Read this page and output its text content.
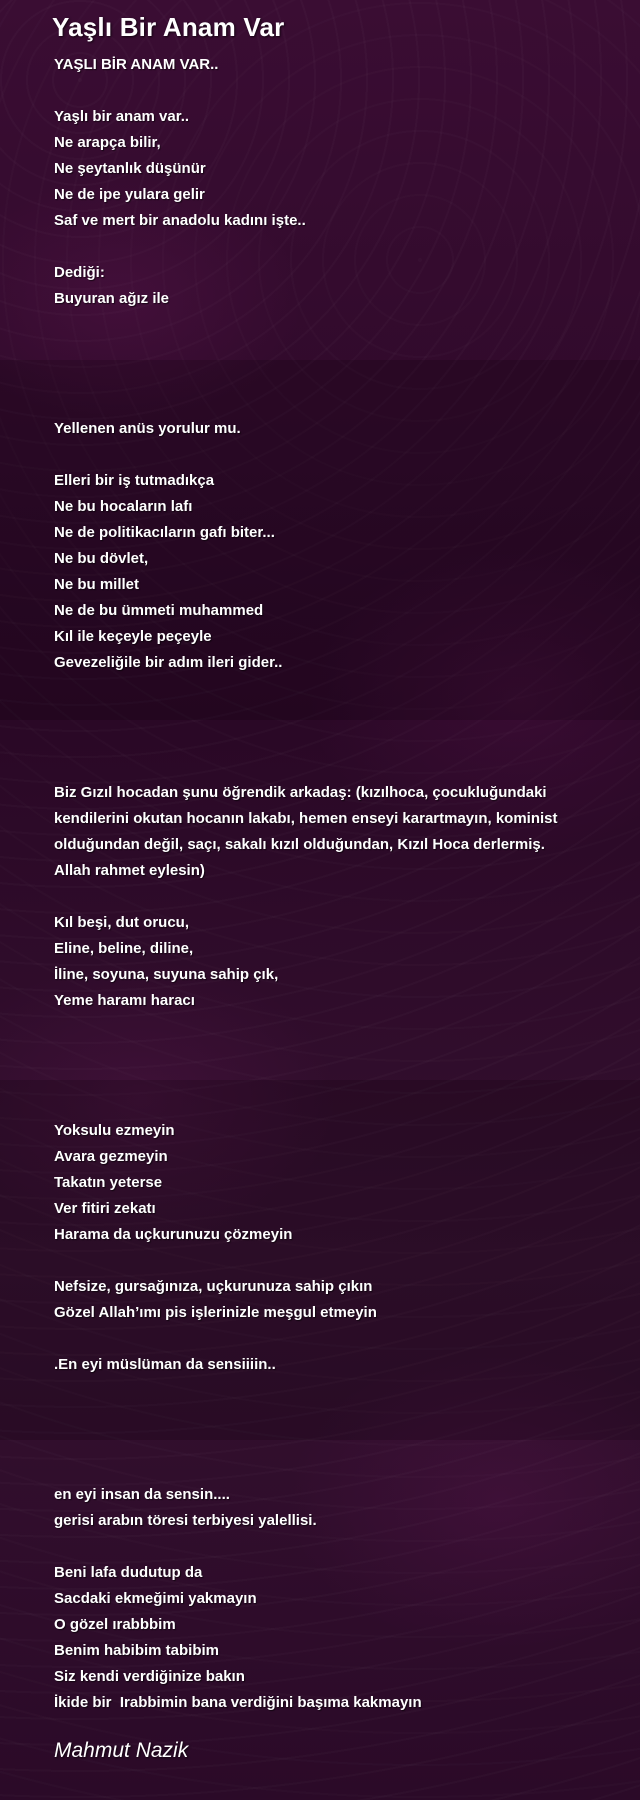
Yaşlı Bir Anam Var
YAŞLI BİR ANAM VAR..
Yaşlı bir anam var..
Ne arapça bilir,
Ne şeytanlık düşünür
Ne de ipe yulara gelir
Saf ve mert bir anadolu kadını işte..
Dediği:
Buyuran ağız ile
Yellenen anüs yorulur mu.
Elleri bir iş tutmadıkça
Ne bu hocaların lafı
Ne de politikacıların gafı biter...
Ne bu dövlet,
Ne bu millet
Ne de bu ümmeti muhammed
Kıl ile keçeyle peçeyle
Gevezeliğile bir adım ileri gider..
Biz Gızıl hocadan şunu öğrendik arkadaş: (kızılhoca, çocukluğundaki
kendilerini okutan hocanın lakabı, hemen enseyi karartmayın, kominist
olduğundan değil, saçı, sakalı kızıl olduğundan, Kızıl Hoca derlermiş.
Allah rahmet eylesin)
Kıl beşi, dut orucu,
Eline, beline, diline,
İline, soyuna, suyuna sahip çık,
Yeme haramı haracı
Yoksulu ezmeyin
Avara gezmeyin
Takatın yeterse
Ver fitiri zekatı
Harama da uçkurunuzu çözmeyin
Nefsize, gursağınıza, uçkurunuza sahip çıkın
Gözel Allah’ımı pis işlerinizle meşgul etmeyin
.En eyi müslüman da sensiiiin..
en eyi insan da sensin....
gerisi arabın töresi terbiyesi yalellisi.
Beni lafa dudutup da
Sacdaki ekmeğimi yakmayın
O gözel ırabbbim
Benim habibim tabibim
Siz kendi verdiğinize bakın
İkide bir  Irabbimin bana verdiğini başıma kakmayın
Mahmut Nazik
